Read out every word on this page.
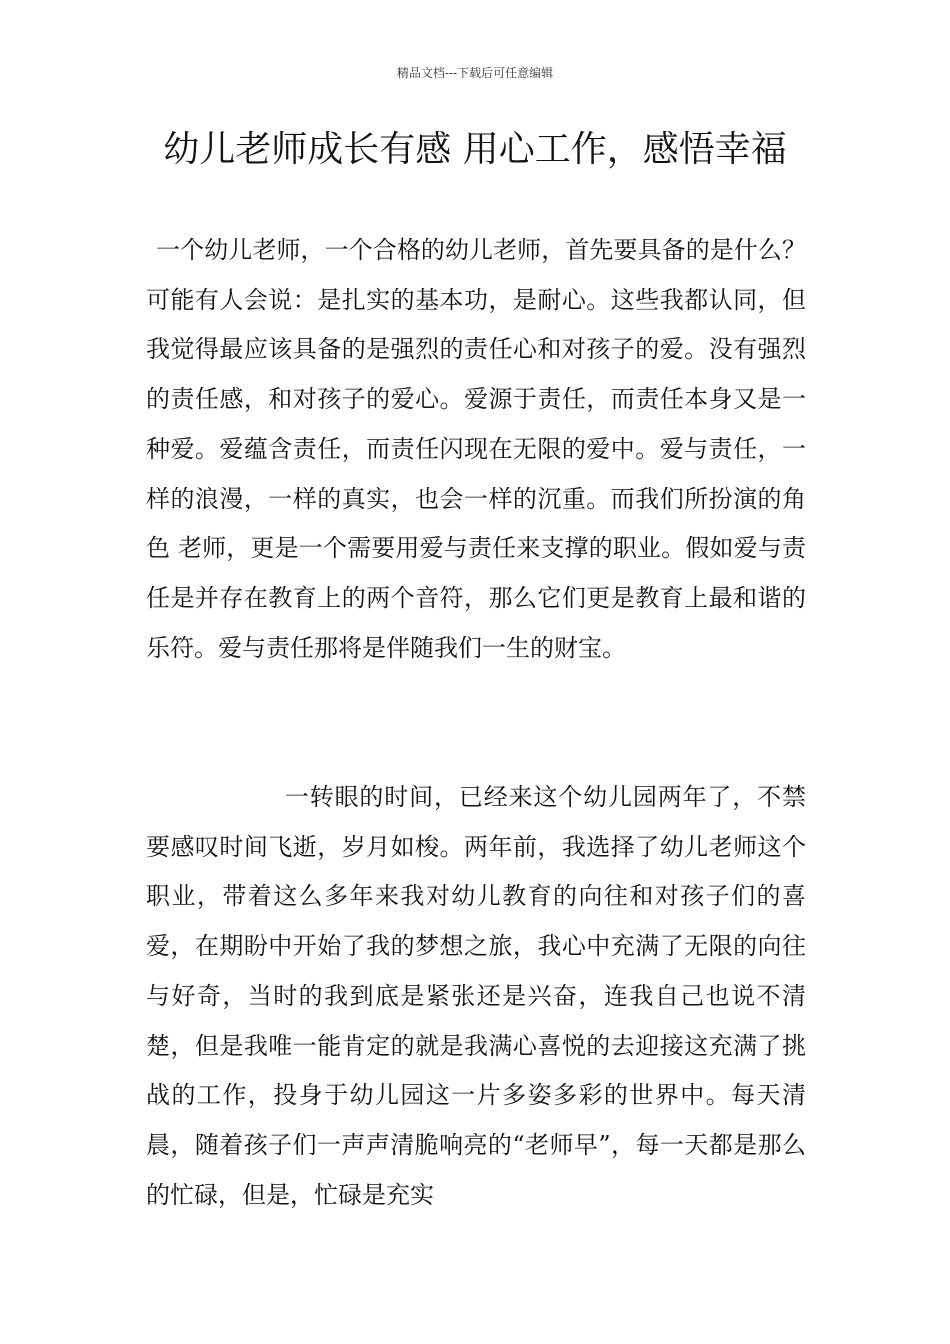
精品文档---下载后可任意编辑
幼儿老师成长有感 用心工作，感悟幸福

一个幼儿老师，一个合格的幼儿老师，首先要具备的是什么？可能有人会说：是扎实的基本功，是耐心。这些我都认同，但我觉得最应该具备的是强烈的责任心和对孩子的爱。没有强烈的责任感，和对孩子的爱心。爱源于责任，而责任本身又是一种爱。爱蕴含责任，而责任闪现在无限的爱中。爱与责任，一样的浪漫，一样的真实，也会一样的沉重。而我们所扮演的角色 老师，更是一个需要用爱与责任来支撑的职业。假如爱与责任是并存在教育上的两个音符，那么它们更是教育上最和谐的乐符。爱与责任那将是伴随我们一生的财宝。

一转眼的时间，已经来这个幼儿园两年了，不禁要感叹时间飞逝，岁月如梭。两年前，我选择了幼儿老师这个职业，带着这么多年来我对幼儿教育的向往和对孩子们的喜爱，在期盼中开始了我的梦想之旅，我心中充满了无限的向往与好奇，当时的我到底是紧张还是兴奋，连我自己也说不清楚，但是我唯一能肯定的就是我满心喜悦的去迎接这充满了挑战的工作，投身于幼儿园这一片多姿多彩的世界中。每天清晨，随着孩子们一声声清脆响亮的“老师早”，每一天都是那么的忙碌，但是，忙碌是充实
